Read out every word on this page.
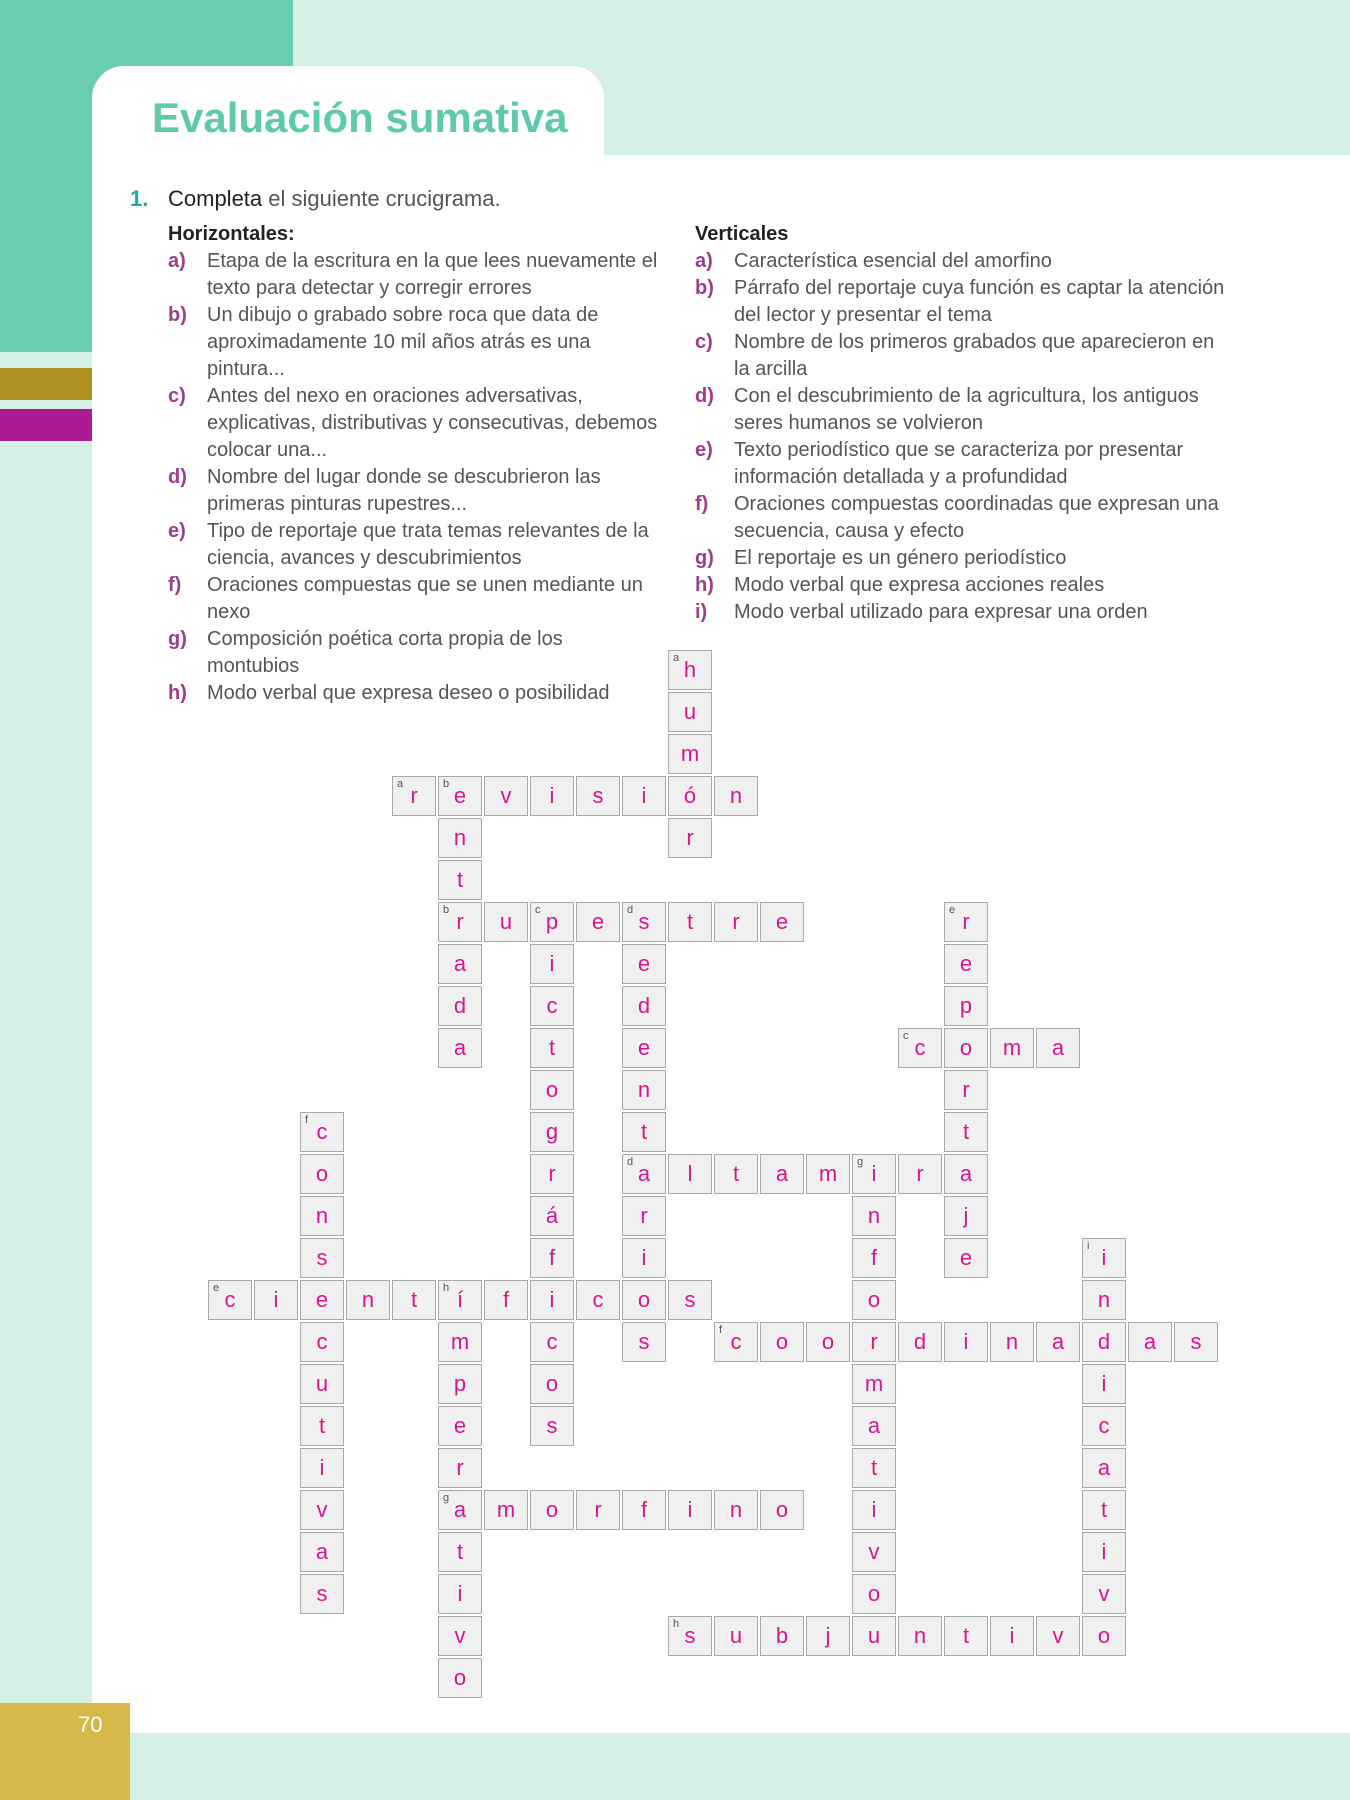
Evaluación sumativa
70
1. Completa el siguiente crucigrama.
Horizontales:
a)	Etapa de la escritura en la que lees nuevamente el texto para detectar y corregir errores
b)	Un dibujo o grabado sobre roca que data de aproximadamente 10 mil años atrás es una pintura...
c)	Antes del nexo en oraciones adversativas, explicativas, distributivas y consecutivas, debemos colocar una...
d)	Nombre del lugar donde se descubrieron las primeras pinturas rupestres...
e)	Tipo de reportaje que trata temas relevantes de la ciencia, avances y descubrimientos
f)	Oraciones compuestas que se unen mediante un nexo
g)	Composición poética corta propia de los montubios
h)	Modo verbal que expresa deseo o posibilidad
Verticales
a)	Característica esencial del amorfino
b)	Párrafo del reportaje cuya función es captar la atención del lector y presentar el tema
c)	Nombre de los primeros grabados que aparecieron en la arcilla
d)	Con el descubrimiento de la agricultura, los antiguos seres humanos se volvieron
e)	Texto periodístico que se caracteriza por presentar información detallada y a profundidad
f)	Oraciones compuestas coordinadas que expresan una secuencia, causa y efecto
g)	El reportaje es un género periodístico
h)	Modo verbal que expresa acciones reales
i)	Modo verbal utilizado para expresar una orden
a r	b e	v	i	s	i	ó	n
b r	u	c p	e	d s	t	r	e
c c	o	m	a
d a	l	t	a	m	g i	r	a
e c	i	e	n	t	h í	f	i	c	o	s
f c	o	o	r	d	i	n	a	d	a	s
g a	m	o	r	f	i	n	o
h s	u	b	j	u	n	t	i	v	o
a h
u
m
r
n
t
a
d
a
i
c
t
o
g
r
á
f
c
o
s
e
d
e
n
t
r
i
s
e r
e
p
r
t
j
e
f c
o
n
s
c
u
t
i
v
a
s
n
f
o
m
a
t
i
v
o
m
p
e
r
t
i
v
o
i i
n
i
c
a
t
i
v
